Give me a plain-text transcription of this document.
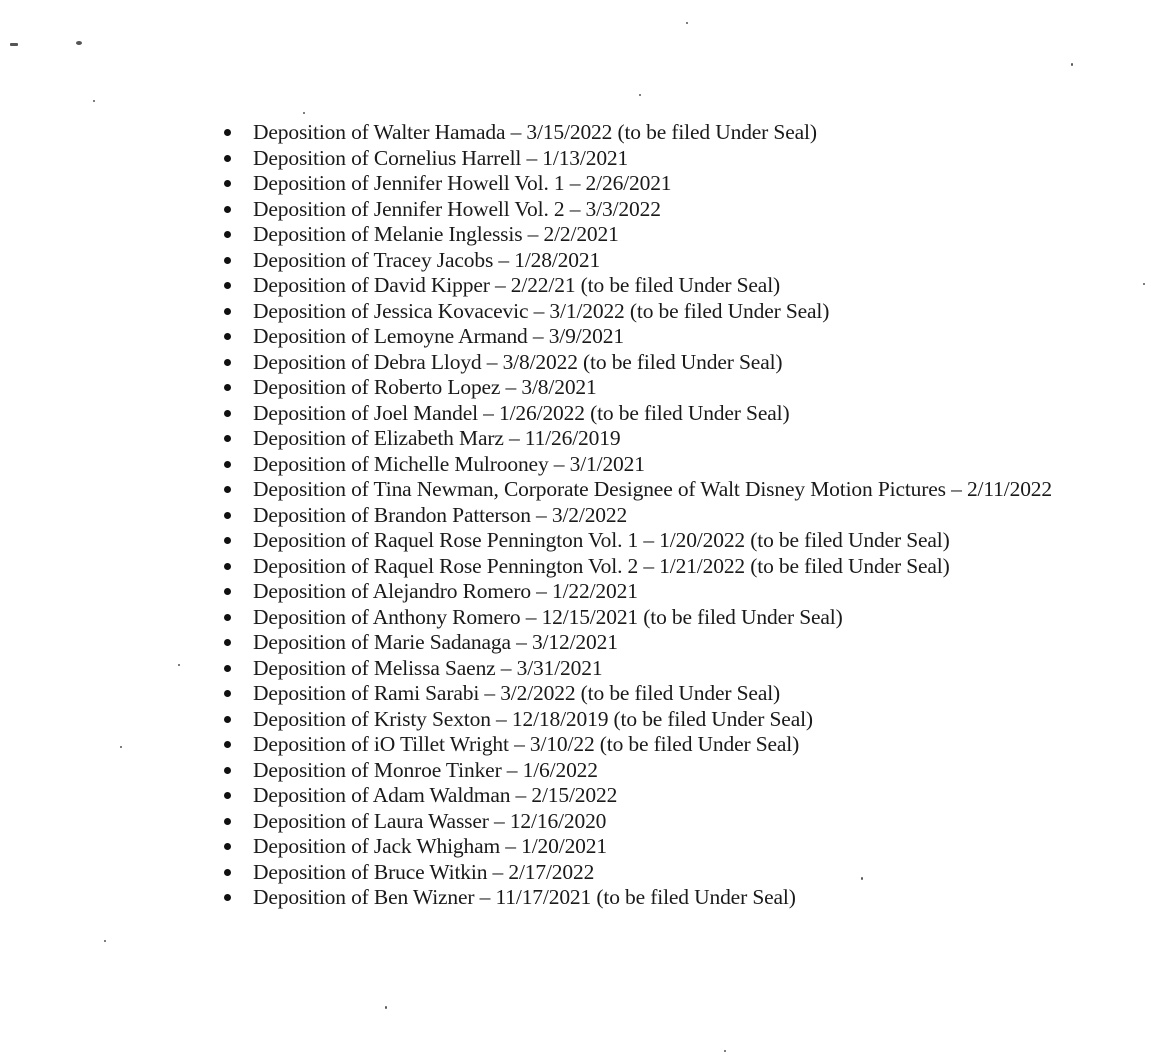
Deposition of Walter Hamada – 3/15/2022 (to be filed Under Seal)
Deposition of Cornelius Harrell – 1/13/2021
Deposition of Jennifer Howell Vol. 1 – 2/26/2021
Deposition of Jennifer Howell Vol. 2 – 3/3/2022
Deposition of Melanie Inglessis – 2/2/2021
Deposition of Tracey Jacobs – 1/28/2021
Deposition of David Kipper – 2/22/21 (to be filed Under Seal)
Deposition of Jessica Kovacevic – 3/1/2022 (to be filed Under Seal)
Deposition of Lemoyne Armand – 3/9/2021
Deposition of Debra Lloyd – 3/8/2022 (to be filed Under Seal)
Deposition of Roberto Lopez – 3/8/2021
Deposition of Joel Mandel – 1/26/2022 (to be filed Under Seal)
Deposition of Elizabeth Marz – 11/26/2019
Deposition of Michelle Mulrooney – 3/1/2021
Deposition of Tina Newman, Corporate Designee of Walt Disney Motion Pictures – 2/11/2022
Deposition of Brandon Patterson – 3/2/2022
Deposition of Raquel Rose Pennington Vol. 1 – 1/20/2022 (to be filed Under Seal)
Deposition of Raquel Rose Pennington Vol. 2 – 1/21/2022 (to be filed Under Seal)
Deposition of Alejandro Romero – 1/22/2021
Deposition of Anthony Romero – 12/15/2021 (to be filed Under Seal)
Deposition of Marie Sadanaga – 3/12/2021
Deposition of Melissa Saenz – 3/31/2021
Deposition of Rami Sarabi – 3/2/2022 (to be filed Under Seal)
Deposition of Kristy Sexton – 12/18/2019 (to be filed Under Seal)
Deposition of iO Tillet Wright – 3/10/22 (to be filed Under Seal)
Deposition of Monroe Tinker – 1/6/2022
Deposition of Adam Waldman – 2/15/2022
Deposition of Laura Wasser – 12/16/2020
Deposition of Jack Whigham – 1/20/2021
Deposition of Bruce Witkin – 2/17/2022
Deposition of Ben Wizner – 11/17/2021 (to be filed Under Seal)
